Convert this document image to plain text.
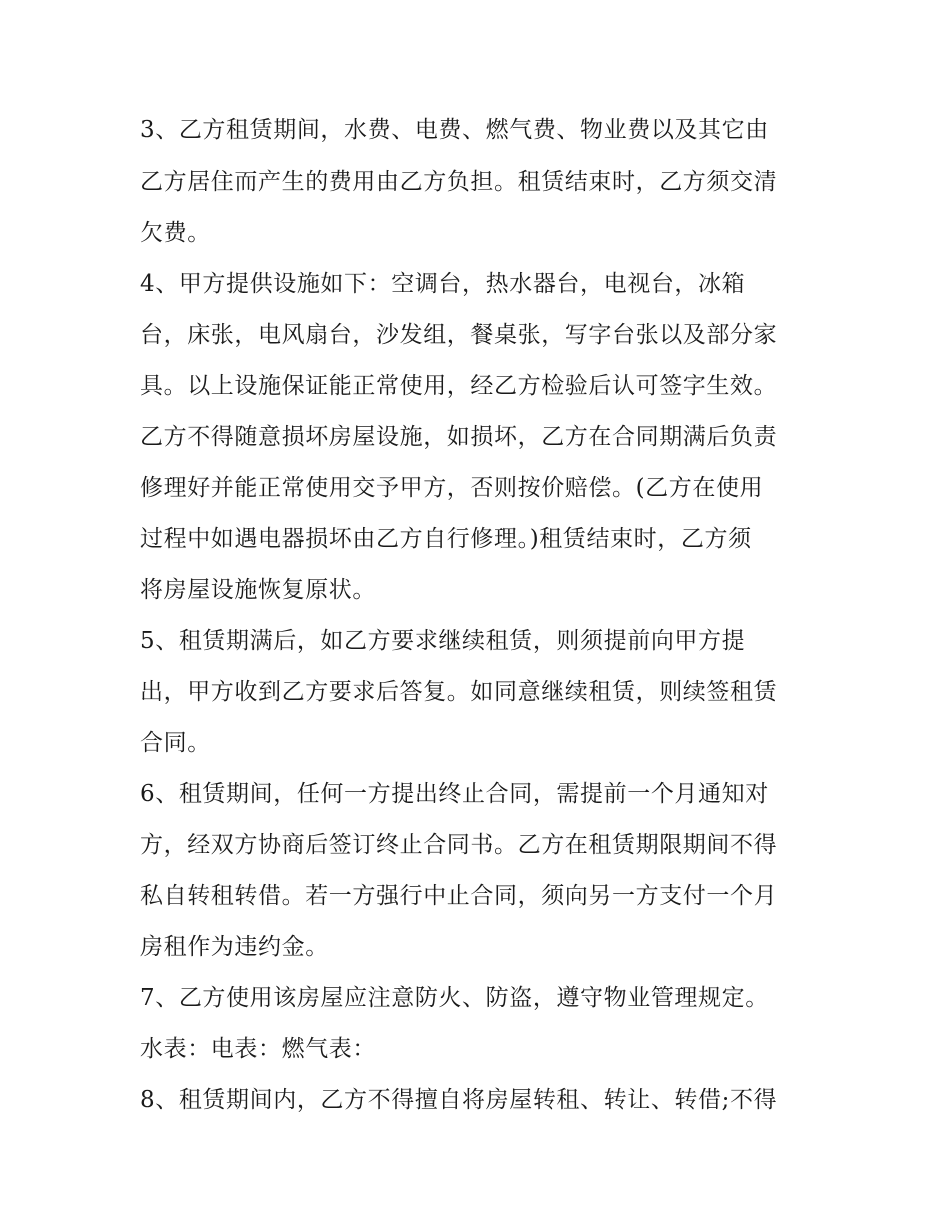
3、乙方租赁期间，水费、电费、燃气费、物业费以及其它由
乙方居住而产生的费用由乙方负担。租赁结束时，乙方须交清
欠费。
4、甲方提供设施如下：空调台，热水器台，电视台，冰箱
台，床张，电风扇台，沙发组，餐桌张，写字台张以及部分家
具。以上设施保证能正常使用，经乙方检验后认可签字生效。
乙方不得随意损坏房屋设施，如损坏，乙方在合同期满后负责
修理好并能正常使用交予甲方，否则按价赔偿。(乙方在使用
过程中如遇电器损坏由乙方自行修理。)租赁结束时，乙方须
将房屋设施恢复原状。
5、租赁期满后，如乙方要求继续租赁，则须提前向甲方提
出，甲方收到乙方要求后答复。如同意继续租赁，则续签租赁
合同。
6、租赁期间，任何一方提出终止合同，需提前一个月通知对
方，经双方协商后签订终止合同书。乙方在租赁期限期间不得
私自转租转借。若一方强行中止合同，须向另一方支付一个月
房租作为违约金。
7、乙方使用该房屋应注意防火、防盗，遵守物业管理规定。
水表：电表：燃气表：
8、租赁期间内，乙方不得擅自将房屋转租、转让、转借;不得
